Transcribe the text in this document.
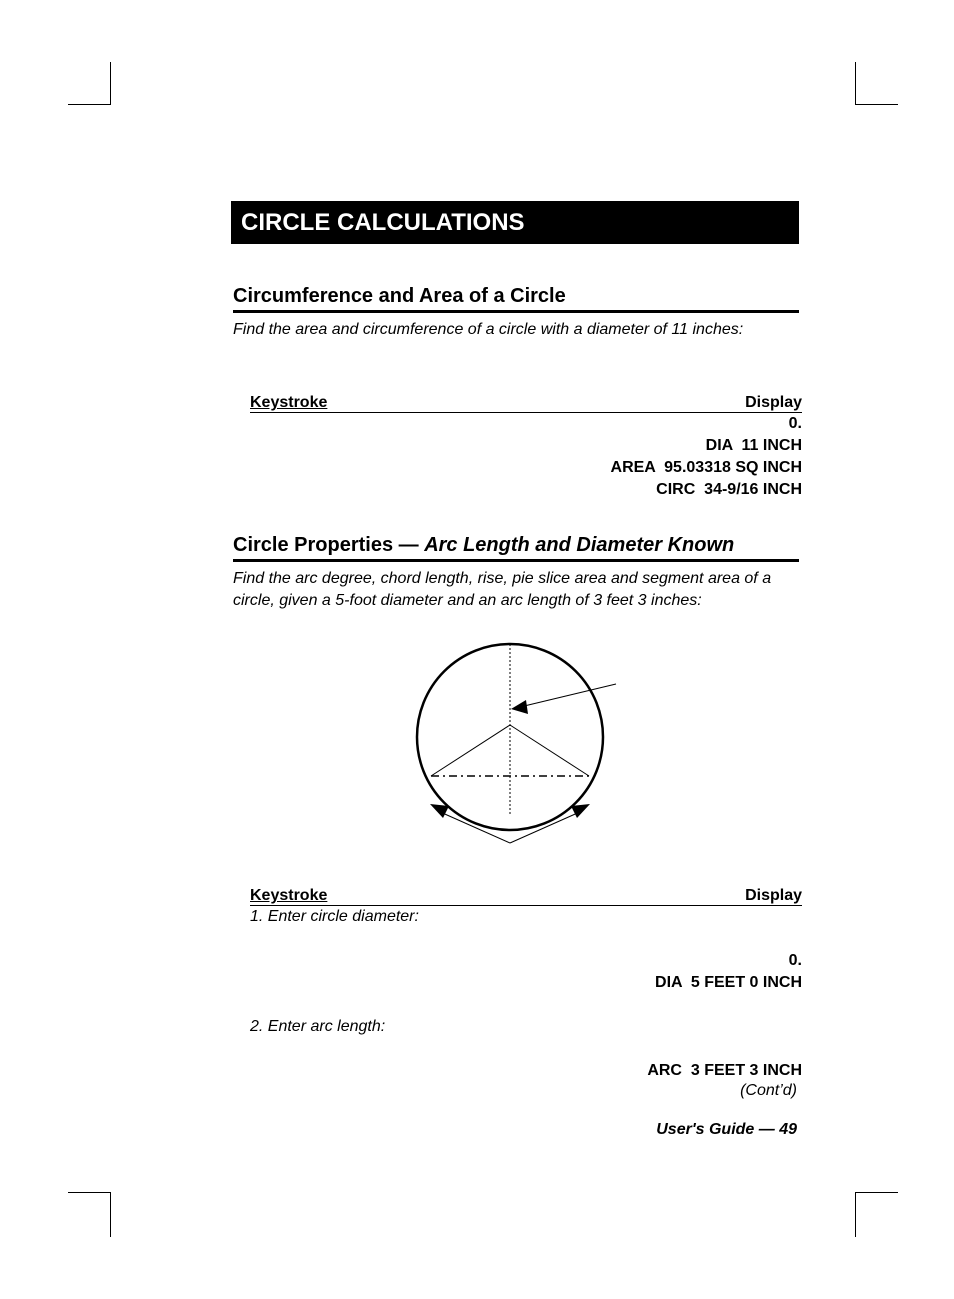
CIRCLE CALCULATIONS
Circumference and Area of a Circle
Find the area and circumference of a circle with a diameter of 11 inches:
Keystroke	Display
0.
DIA  11 INCH
AREA  95.03318 SQ INCH
CIRC  34-9/16 INCH
Circle Properties — Arc Length and Diameter Known
Find the arc degree, chord length, rise, pie slice area and segment area of a circle, given a 5-foot diameter and an arc length of 3 feet 3 inches:
Keystroke	Display
1. Enter circle diameter:
0.
DIA  5 FEET 0 INCH
2. Enter arc length:
ARC  3 FEET 3 INCH
(Cont’d)
User's Guide — 49
